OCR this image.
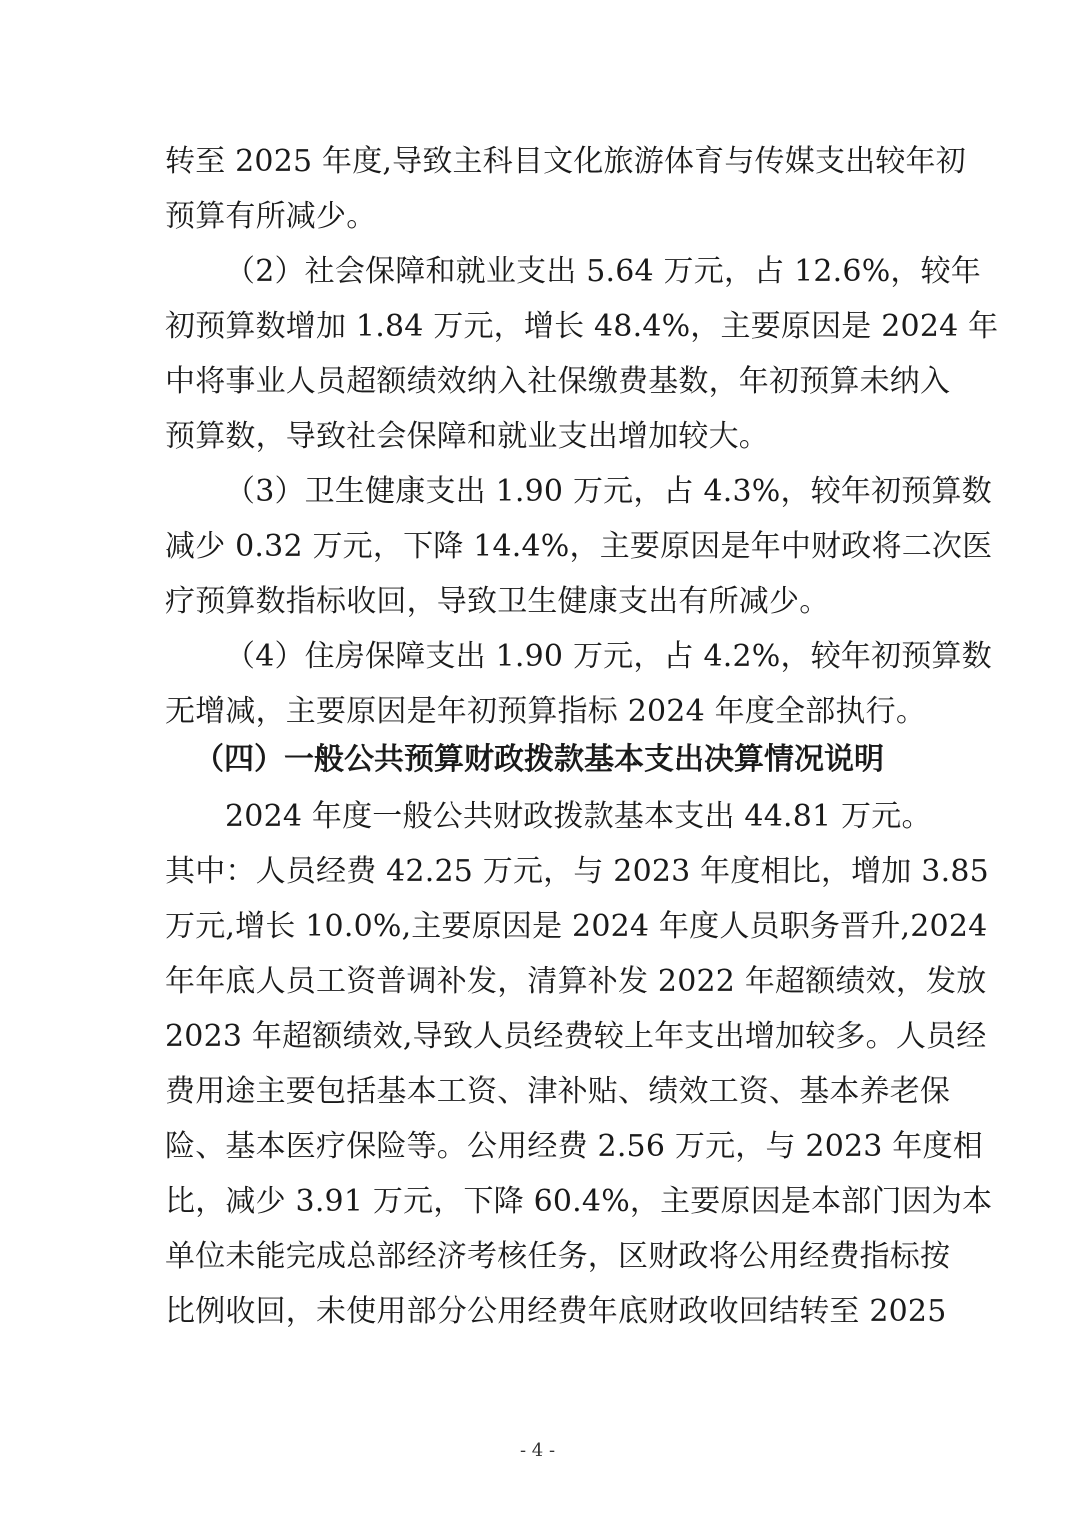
转至 2025 年度,导致主科目文化旅游体育与传媒支出较年初
预算有所减少。
（2）社会保障和就业支出 5.64 万元，占 12.6%，较年
初预算数增加 1.84 万元，增长 48.4%，主要原因是 2024 年
中将事业人员超额绩效纳入社保缴费基数，年初预算未纳入
预算数，导致社会保障和就业支出增加较大。
（3）卫生健康支出 1.90 万元，占 4.3%，较年初预算数
减少 0.32 万元，下降 14.4%，主要原因是年中财政将二次医
疗预算数指标收回，导致卫生健康支出有所减少。
（4）住房保障支出 1.90 万元，占 4.2%，较年初预算数
无增减，主要原因是年初预算指标 2024 年度全部执行。
（四）一般公共预算财政拨款基本支出决算情况说明
2024 年度一般公共财政拨款基本支出 44.81 万元。
其中：人员经费 42.25 万元，与 2023 年度相比，增加 3.85
万元,增长 10.0%,主要原因是 2024 年度人员职务晋升,2024
年年底人员工资普调补发，清算补发 2022 年超额绩效，发放
2023 年超额绩效,导致人员经费较上年支出增加较多。人员经
费用途主要包括基本工资、津补贴、绩效工资、基本养老保
险、基本医疗保险等。公用经费 2.56 万元，与 2023 年度相
比，减少 3.91 万元，下降 60.4%，主要原因是本部门因为本
单位未能完成总部经济考核任务，区财政将公用经费指标按
比例收回，未使用部分公用经费年底财政收回结转至 2025
- 4 -
